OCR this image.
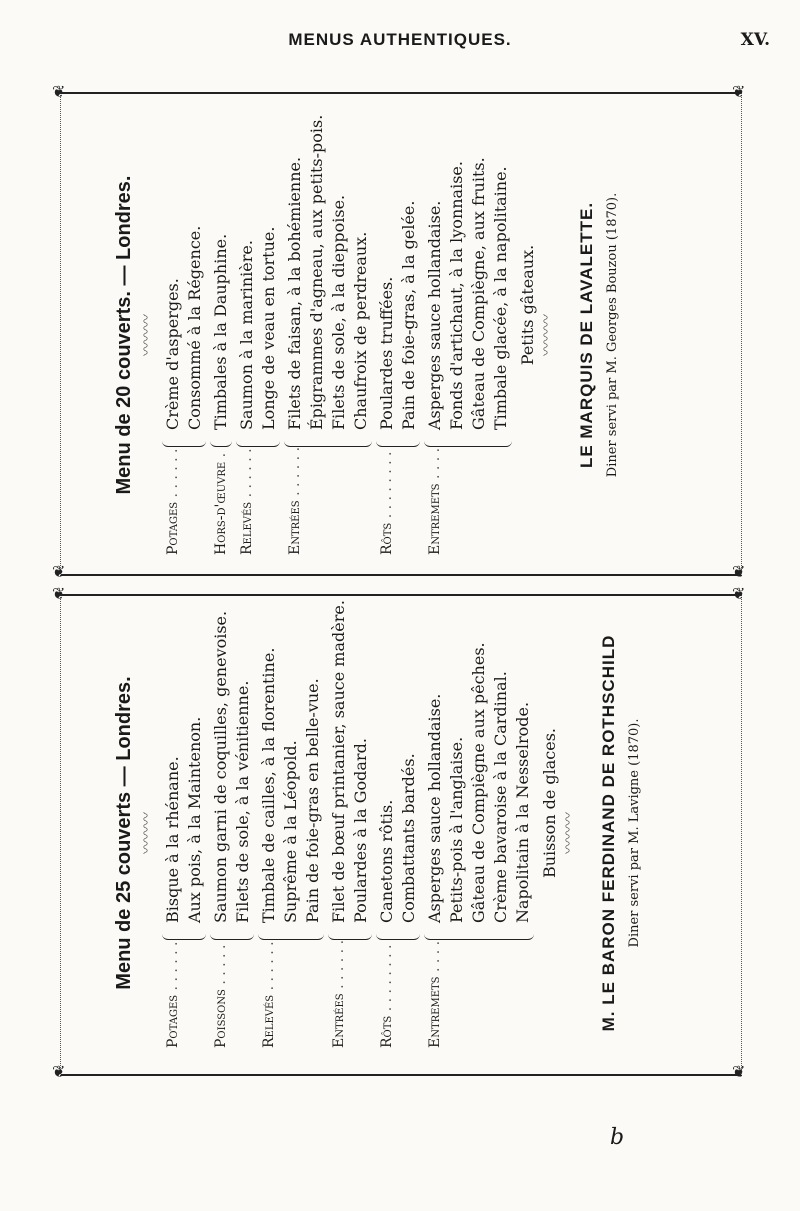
MENUS AUTHENTIQUES.	XV.
❦	❦
❦	❦
❦	❦
❦	❦
Menu de 20 couverts. — Londres. 〰〰〰
Potages . . .
Crème d'asperges. Consommé à la Régence.
Hors-d'œuvre . . .
Timbales à la Dauphine.
Relevés . . .
Saumon à la marinière. Longe de veau en tortue.
Entrées . . .
Filets de faisan, à la bohémienne. Épigrammes d'agneau, aux petits-pois. Filets de sole, à la dieppoise. Chaufroix de perdreaux.
Rôts . . .
Poulardes truffées. Pain de foie-gras, à la gelée.
Entremets . . .
Asperges sauce hollandaise. Fonds d'artichaut, à la lyonnaise. Gâteau de Compiègne, aux fruits. Timbale glacée, à la napolitaine. Petits gâteaux. 〰〰〰	LE MARQUIS DE LAVALETTE. Diner servi par M. Georges Bouzou (1870).
Menu de 25 couverts — Londres. 〰〰〰
Potages . . .
Bisque à la rhénane. Aux pois, à la Maintenon.
Poissons . . .
Saumon garni de coquilles, genevoise. Filets de sole, à la vénitienne.
Relevés . . .
Timbale de cailles, à la florentine. Suprême à la Léopold. Pain de foie-gras en belle-vue.
Entrées . . .
Filet de bœuf printanier, sauce madère. Poulardes à la Godard.
Rôts . . .
Canetons rôtis. Combattants bardés.
Entremets . . .
Asperges sauce hollandaise. Petits-pois à l'anglaise. Gâteau de Compiègne aux pêches. Crème bavaroise à la Cardinal. Napolitain à la Nesselrode. Buisson de glaces. 〰〰〰	M. LE BARON FERDINAND DE ROTHSCHILD Diner servi par M. Lavigne (1870).
b
